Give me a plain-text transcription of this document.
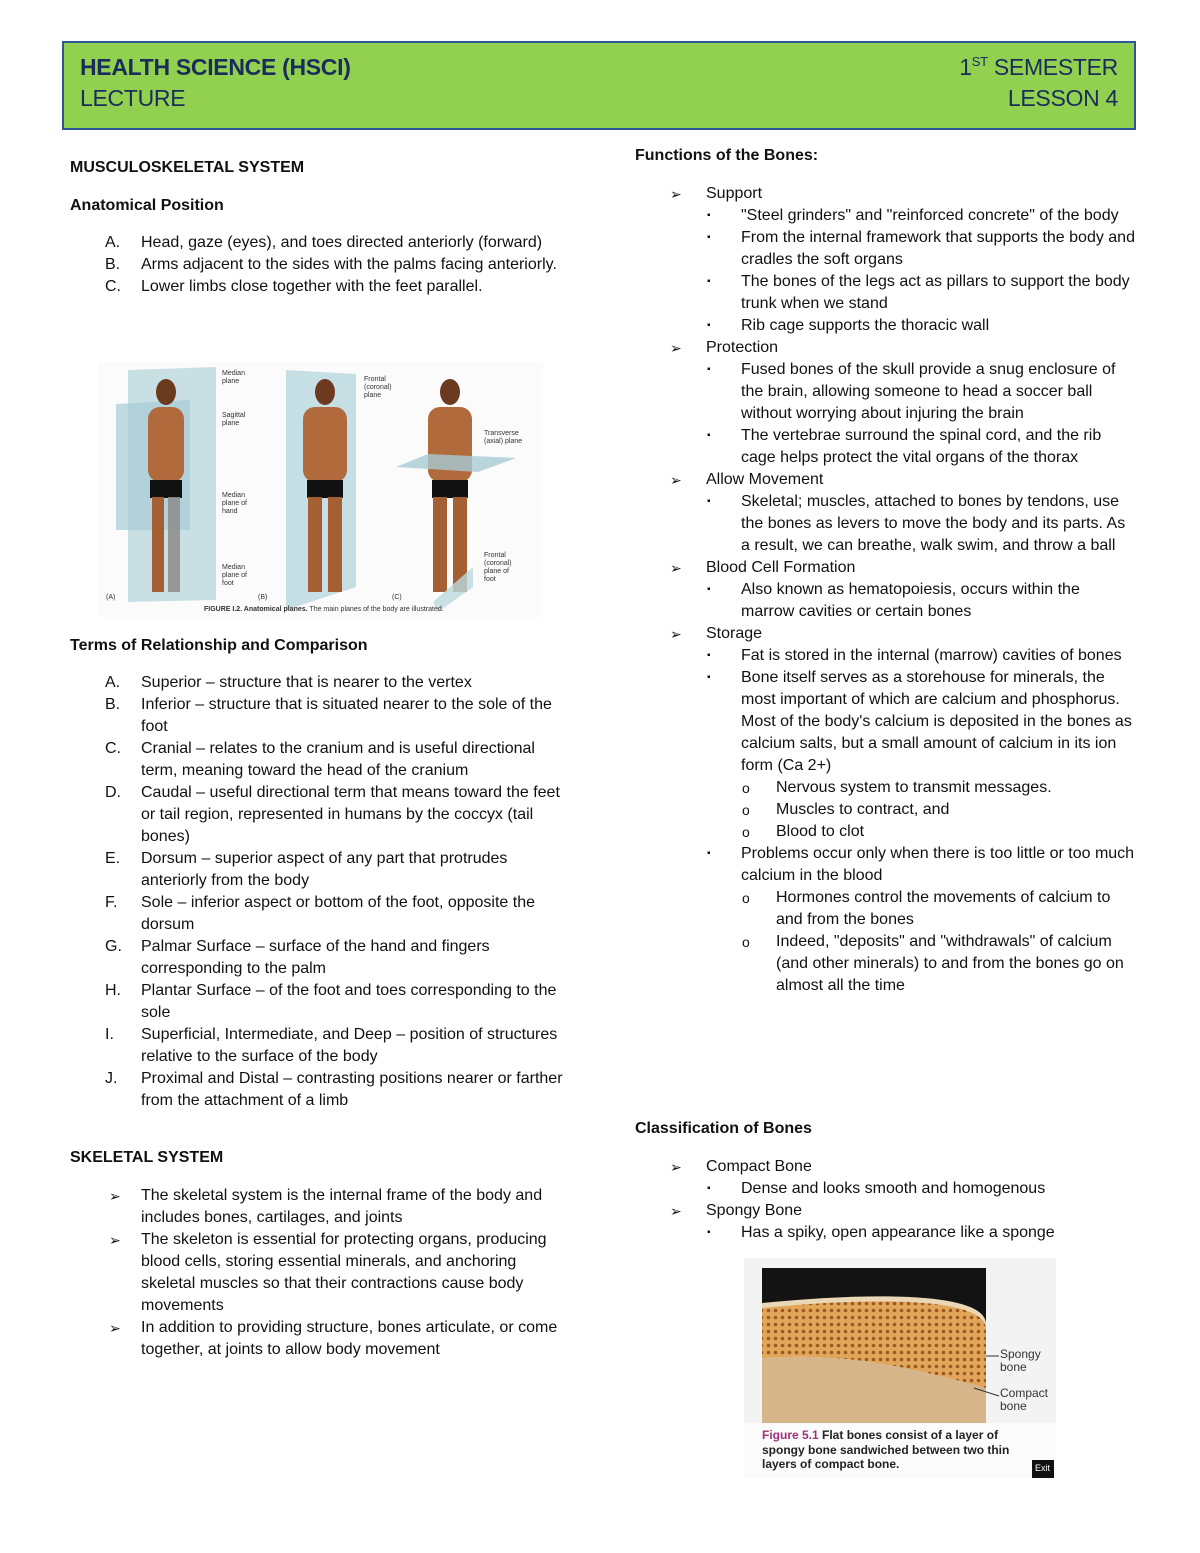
HEALTH SCIENCE (HSCI)
LECTURE
1ST SEMESTER
LESSON 4
MUSCULOSKELETAL SYSTEM
Anatomical Position
A. Head, gaze (eyes), and toes directed anteriorly (forward)
B. Arms adjacent to the sides with the palms facing anteriorly.
C. Lower limbs close together with the feet parallel.
Median plane
Sagittal plane
Median plane of hand
Median plane of foot
Frontal (coronal) plane
Transverse (axial) plane
Frontal (coronal) plane of foot
(A)	(B)	(C)
FIGURE I.2. Anatomical planes. The main planes of the body are illustrated.
Terms of Relationship and Comparison
A. Superior – structure that is nearer to the vertex
B. Inferior – structure that is situated nearer to the sole of the foot
C. Cranial – relates to the cranium and is useful directional term, meaning toward the head of the cranium
D. Caudal – useful directional term that means toward the feet or tail region, represented in humans by the coccyx (tail bones)
E. Dorsum – superior aspect of any part that protrudes anteriorly from the body
F. Sole – inferior aspect or bottom of the foot, opposite the dorsum
G. Palmar Surface – surface of the hand and fingers corresponding to the palm
H. Plantar Surface – of the foot and toes corresponding to the sole
I. Superficial, Intermediate, and Deep – position of structures relative to the surface of the body
J. Proximal and Distal – contrasting positions nearer or farther from the attachment of a limb
SKELETAL SYSTEM
➢ The skeletal system is the internal frame of the body and includes bones, cartilages, and joints
➢ The skeleton is essential for protecting organs, producing blood cells, storing essential minerals, and anchoring skeletal muscles so that their contractions cause body movements
➢ In addition to providing structure, bones articulate, or come together, at joints to allow body movement
Functions of the Bones:
➢ Support
▪ "Steel grinders" and "reinforced concrete" of the body
▪ From the internal framework that supports the body and cradles the soft organs
▪ The bones of the legs act as pillars to support the body trunk when we stand
▪ Rib cage supports the thoracic wall
➢ Protection
▪ Fused bones of the skull provide a snug enclosure of the brain, allowing someone to head a soccer ball without worrying about injuring the brain
▪ The vertebrae surround the spinal cord, and the rib cage helps protect the vital organs of the thorax
➢ Allow Movement
▪ Skeletal; muscles, attached to bones by tendons, use the bones as levers to move the body and its parts. As a result, we can breathe, walk swim, and throw a ball
➢ Blood Cell Formation
▪ Also known as hematopoiesis, occurs within the marrow cavities or certain bones
➢ Storage
▪ Fat is stored in the internal (marrow) cavities of bones
▪ Bone itself serves as a storehouse for minerals, the most important of which are calcium and phosphorus. Most of the body's calcium is deposited in the bones as calcium salts, but a small amount of calcium in its ion form (Ca 2+)
o Nervous system to transmit messages.
o Muscles to contract, and
o Blood to clot
▪ Problems occur only when there is too little or too much calcium in the blood
o Hormones control the movements of calcium to and from the bones
o Indeed, "deposits" and "withdrawals" of calcium (and other minerals) to and from the bones go on almost all the time
Classification of Bones
➢ Compact Bone
▪ Dense and looks smooth and homogenous
➢ Spongy Bone
▪ Has a spiky, open appearance like a sponge
Spongy bone
Compact bone
Figure 5.1 Flat bones consist of a layer of spongy bone sandwiched between two thin layers of compact bone.	Exit
